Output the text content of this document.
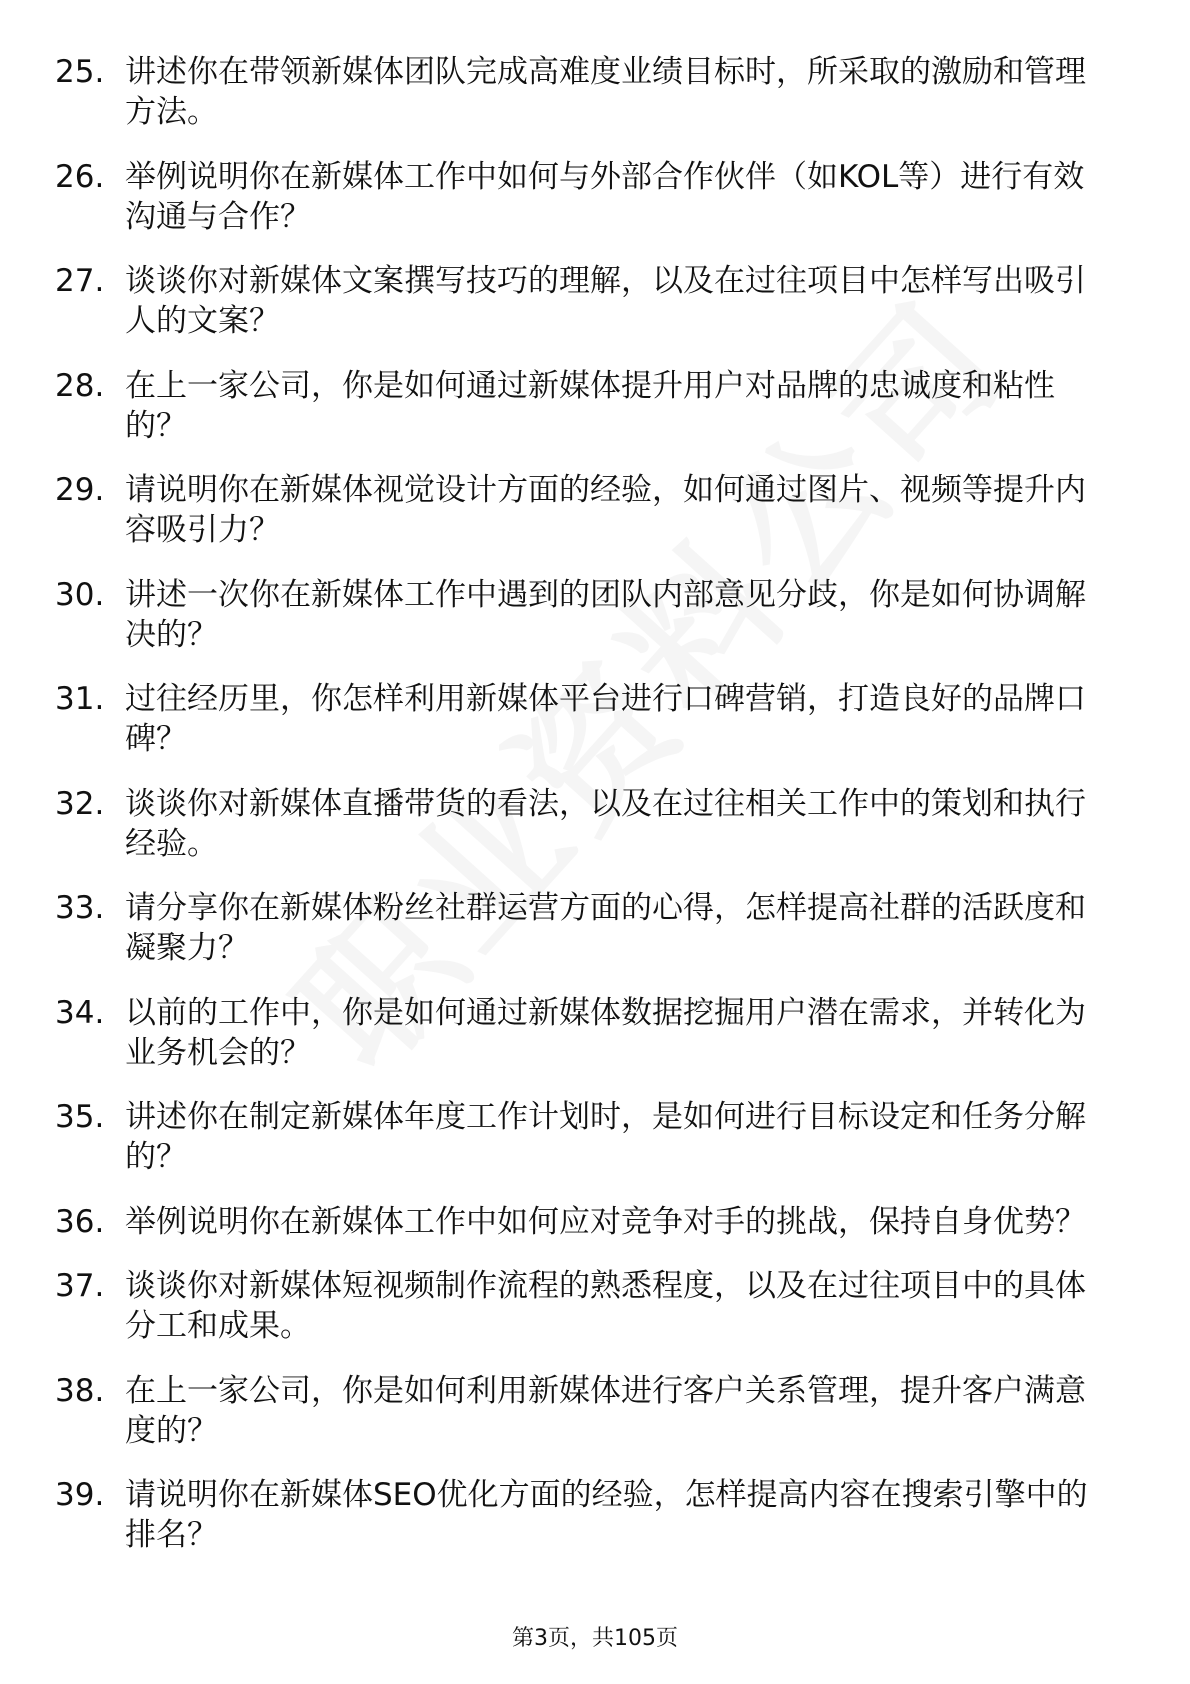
25. 讲述你在带领新媒体团队完成高难度业绩目标时，所采取的激励和管理方法。
26. 举例说明你在新媒体工作中如何与外部合作伙伴（如KOL等）进行有效沟通与合作？
27. 谈谈你对新媒体文案撰写技巧的理解，以及在过往项目中怎样写出吸引人的文案？
28. 在上一家公司，你是如何通过新媒体提升用户对品牌的忠诚度和粘性的？
29. 请说明你在新媒体视觉设计方面的经验，如何通过图片、视频等提升内容吸引力？
30. 讲述一次你在新媒体工作中遇到的团队内部意见分歧，你是如何协调解决的？
31. 过往经历里，你怎样利用新媒体平台进行口碑营销，打造良好的品牌口碑？
32. 谈谈你对新媒体直播带货的看法，以及在过往相关工作中的策划和执行经验。
33. 请分享你在新媒体粉丝社群运营方面的心得，怎样提高社群的活跃度和凝聚力？
34. 以前的工作中，你是如何通过新媒体数据挖掘用户潜在需求，并转化为业务机会的？
35. 讲述你在制定新媒体年度工作计划时，是如何进行目标设定和任务分解的？
36. 举例说明你在新媒体工作中如何应对竞争对手的挑战，保持自身优势？
37. 谈谈你对新媒体短视频制作流程的熟悉程度，以及在过往项目中的具体分工和成果。
38. 在上一家公司，你是如何利用新媒体进行客户关系管理，提升客户满意度的？
39. 请说明你在新媒体SEO优化方面的经验，怎样提高内容在搜索引擎中的排名？
第3页，共105页
